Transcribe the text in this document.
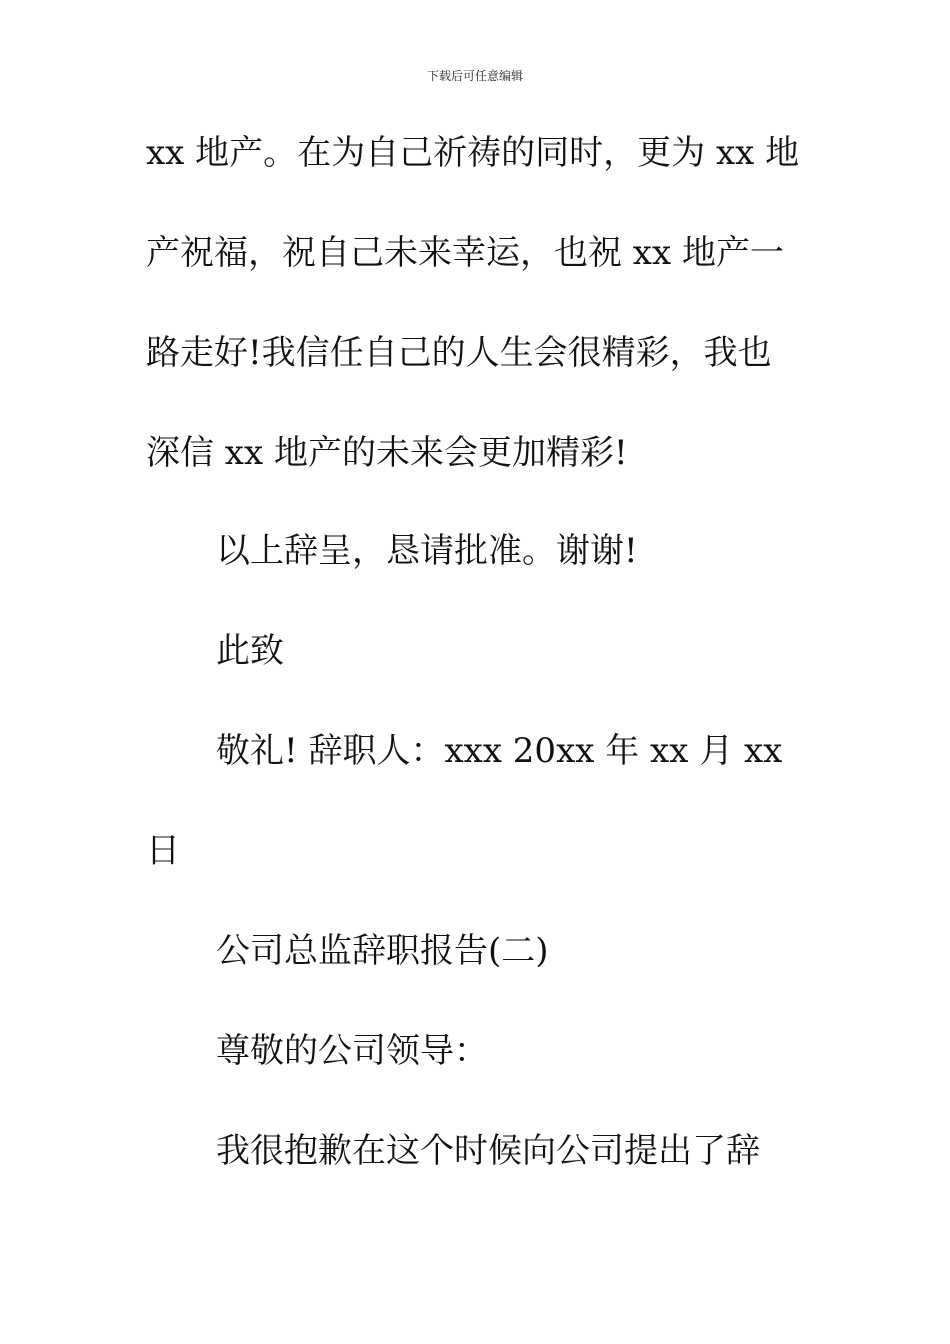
下载后可任意编辑
xx 地产。在为自己祈祷的同时，更为 xx 地
产祝福，祝自己未来幸运，也祝 xx 地产一
路走好!我信任自己的人生会很精彩，我也
深信 xx 地产的未来会更加精彩!
以上辞呈，恳请批准。谢谢!
此致
敬礼! 辞职人：xxx 20xx 年 xx 月 xx
日
公司总监辞职报告(二)
尊敬的公司领导：
我很抱歉在这个时候向公司提出了辞
